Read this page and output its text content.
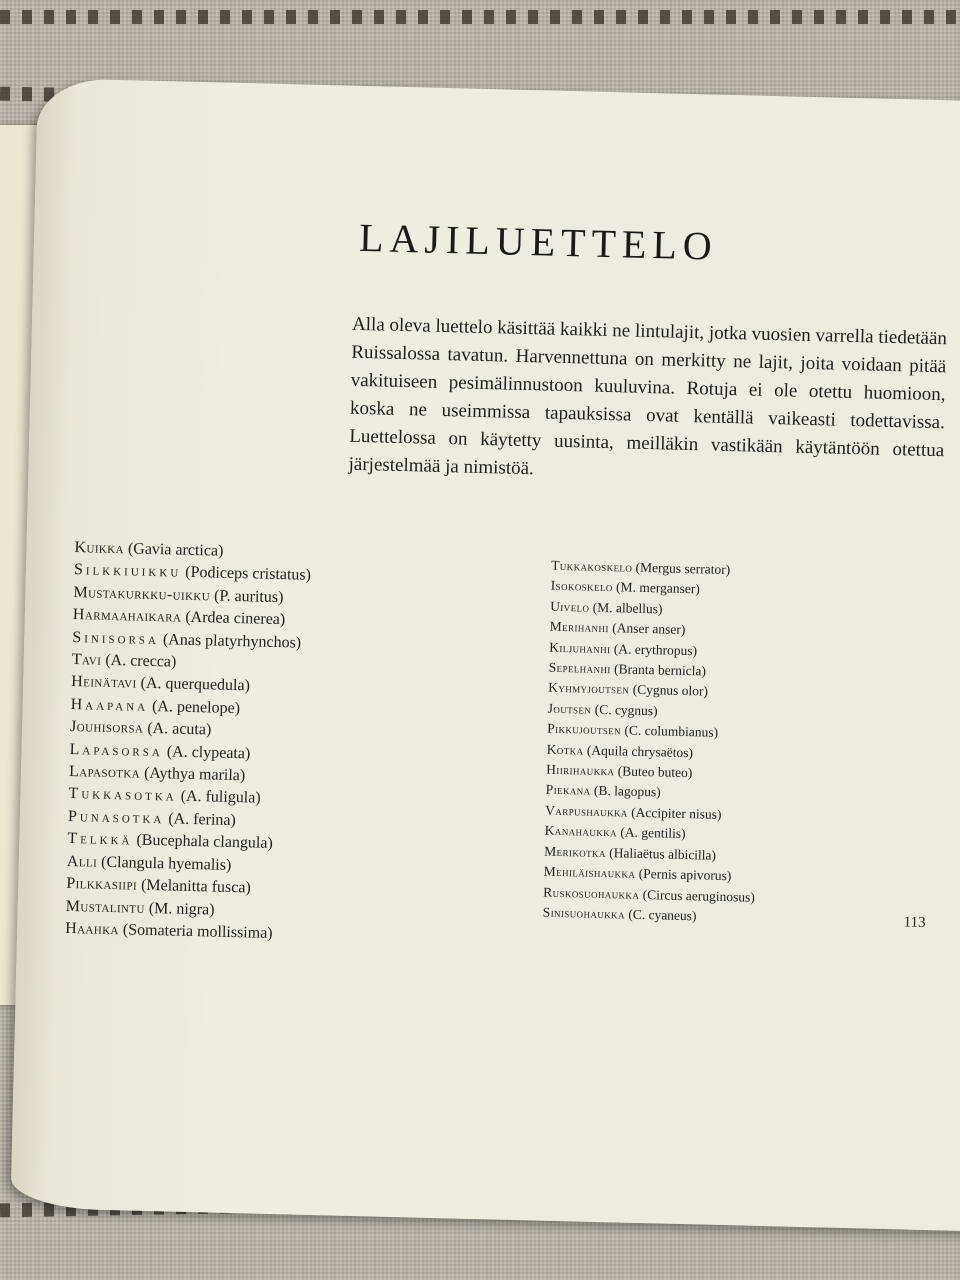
LAJILUETTELO

Alla oleva luettelo käsittää kaikki ne lintulajit, jotka vuosien varrella tiedetään Ruissalossa tavatun. Harvennettuna on merkitty ne lajit, joita voidaan pitää vakituiseen pesimälinnustoon kuuluvina. Rotuja ei ole otettu huomioon, koska ne useimmissa tapauksissa ovat kentällä vaikeasti todettavissa. Luettelossa on käytetty uusinta, meilläkin vastikään käytäntöön otettua järjestelmää ja nimistöä.

Kuikka (Gavia arctica)
Silkkiuikku (Podiceps cristatus)
Mustakurkku-uikku (P. auritus)
Harmaahaikara (Ardea cinerea)
Sinisorsa (Anas platyrhynchos)
Tavi (A. crecca)
Heinätavi (A. querquedula)
Haapana (A. penelope)
Jouhisorsa (A. acuta)
Lapasorsa (A. clypeata)
Lapasotka (Aythya marila)
Tukkasotka (A. fuligula)
Punasotka (A. ferina)
Telkkä (Bucephala clangula)
Alli (Clangula hyemalis)
Pilkkasiipi (Melanitta fusca)
Mustalintu (M. nigra)
Haahka (Somateria mollissima)
Tukkakoskelo (Mergus serrator)
Isokoskelo (M. merganser)
Uivelo (M. albellus)
Merihanhi (Anser anser)
Kiljuhanhi (A. erythropus)
Sepelhanhi (Branta bernicla)
Kyhmyjoutsen (Cygnus olor)
Joutsen (C. cygnus)
Pikkujoutsen (C. columbianus)
Kotka (Aquila chrysaëtos)
Hiirihaukka (Buteo buteo)
Piekana (B. lagopus)
Varpushaukka (Accipiter nisus)
Kanahaukka (A. gentilis)
Merikotka (Haliaëtus albicilla)
Mehiläishaukka (Pernis apivorus)
Ruskosuohaukka (Circus aeruginosus)
Sinisuohaukka (C. cyaneus)	113
